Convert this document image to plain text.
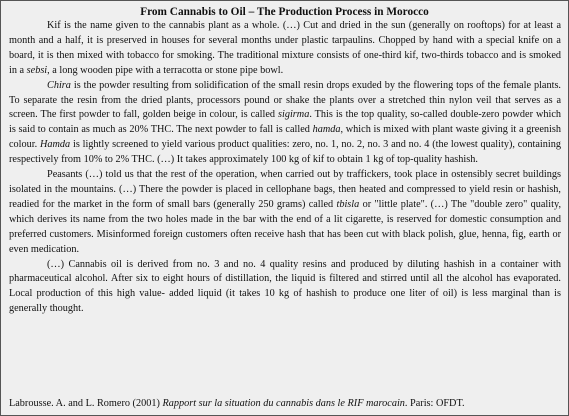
From Cannabis to Oil – The Production Process in Morocco

Kif is the name given to the cannabis plant as a whole. (…) Cut and dried in the sun (generally on rooftops) for at least a month and a half, it is preserved in houses for several months under plastic tarpaulins. Chopped by hand with a special knife on a board, it is then mixed with tobacco for smoking. The traditional mixture consists of one-third kif, two-thirds tobacco and is smoked in a sebsi, a long wooden pipe with a terracotta or stone pipe bowl.

Chira is the powder resulting from solidification of the small resin drops exuded by the flowering tops of the female plants. To separate the resin from the dried plants, processors pound or shake the plants over a stretched thin nylon veil that serves as a screen. The first powder to fall, golden beige in colour, is called sigirma. This is the top quality, so-called double-zero powder which is said to contain as much as 20% THC. The next powder to fall is called hamda, which is mixed with plant waste giving it a greenish colour. Hamda is lightly screened to yield various product qualities: zero, no. 1, no. 2, no. 3 and no. 4 (the lowest quality), containing respectively from 10% to 2% THC. (…) It takes approximately 100 kg of kif to obtain 1 kg of top-quality hashish.

Peasants (…) told us that the rest of the operation, when carried out by traffickers, took place in ostensibly secret buildings isolated in the mountains. (…) There the powder is placed in cellophane bags, then heated and compressed to yield resin or hashish, readied for the market in the form of small bars (generally 250 grams) called tbisla or "little plate". (…) The "double zero" quality, which derives its name from the two holes made in the bar with the end of a lit cigarette, is reserved for domestic consumption and preferred customers. Misinformed foreign customers often receive hash that has been cut with black polish, glue, henna, fig, earth or even medication.

(…) Cannabis oil is derived from no. 3 and no. 4 quality resins and produced by diluting hashish in a container with pharmaceutical alcohol. After six to eight hours of distillation, the liquid is filtered and stirred until all the alcohol has evaporated. Local production of this high value- added liquid (it takes 10 kg of hashish to produce one liter of oil) is less marginal than is generally thought.

Labrousse. A. and L. Romero (2001) Rapport sur la situation du cannabis dans le RIF marocain. Paris: OFDT.
